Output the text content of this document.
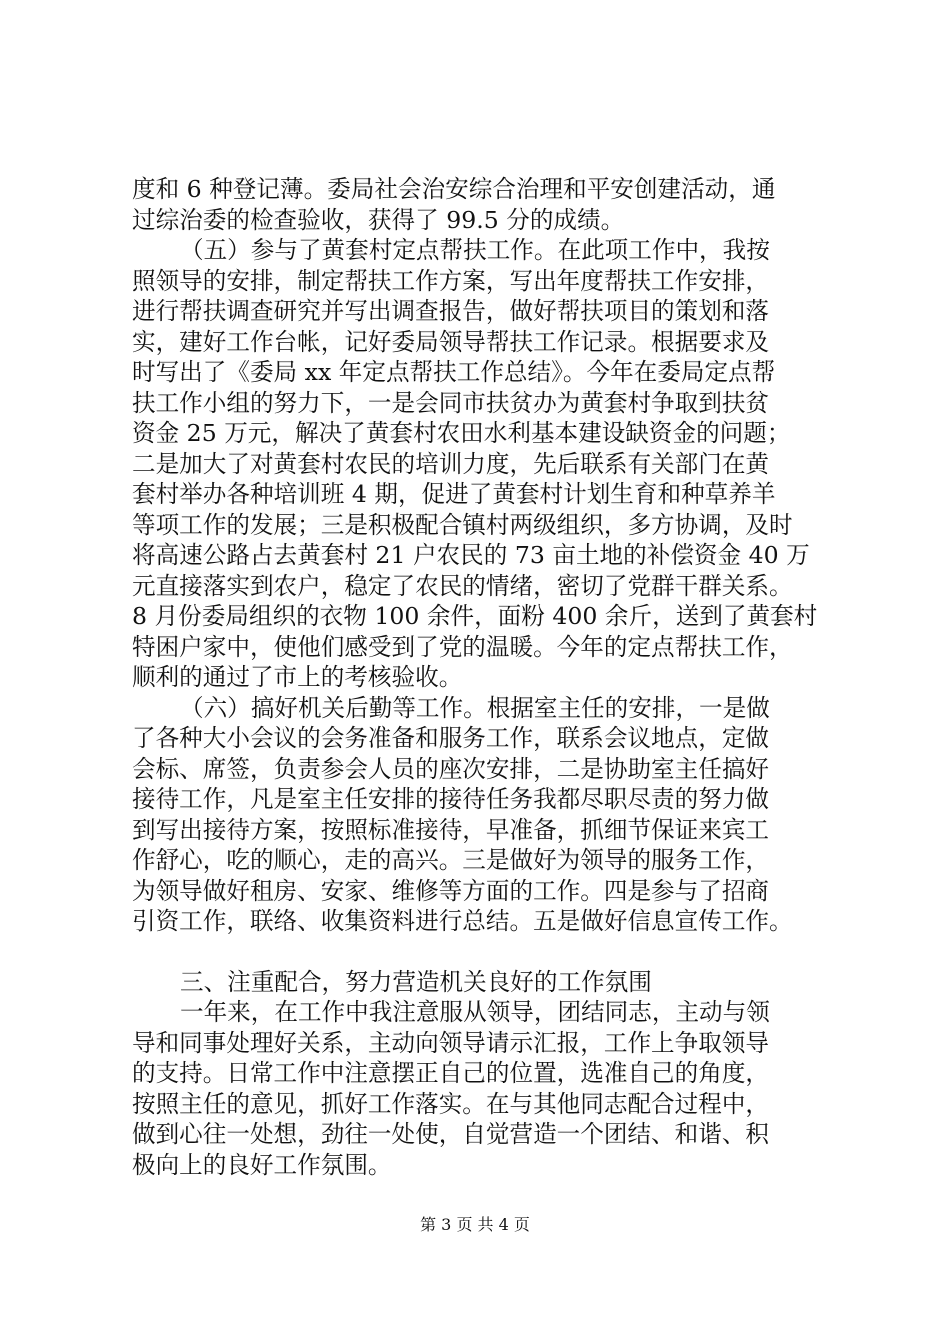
度和 6 种登记薄。委局社会治安综合治理和平安创建活动，通
过综治委的检查验收，获得了 99.5 分的成绩。
（五）参与了黄套村定点帮扶工作。在此项工作中，我按
照领导的安排，制定帮扶工作方案，写出年度帮扶工作安排，
进行帮扶调查研究并写出调查报告，做好帮扶项目的策划和落
实，建好工作台帐，记好委局领导帮扶工作记录。根据要求及
时写出了《委局 xx 年定点帮扶工作总结》。今年在委局定点帮
扶工作小组的努力下，一是会同市扶贫办为黄套村争取到扶贫
资金 25 万元，解决了黄套村农田水利基本建设缺资金的问题；
二是加大了对黄套村农民的培训力度，先后联系有关部门在黄
套村举办各种培训班 4 期，促进了黄套村计划生育和种草养羊
等项工作的发展；三是积极配合镇村两级组织，多方协调，及时
将高速公路占去黄套村 21 户农民的 73 亩土地的补偿资金 40 万
元直接落实到农户，稳定了农民的情绪，密切了党群干群关系。
8 月份委局组织的衣物 100 余件，面粉 400 余斤，送到了黄套村
特困户家中，使他们感受到了党的温暖。今年的定点帮扶工作，
顺利的通过了市上的考核验收。
（六）搞好机关后勤等工作。根据室主任的安排，一是做
了各种大小会议的会务准备和服务工作，联系会议地点，定做
会标、席签，负责参会人员的座次安排，二是协助室主任搞好
接待工作，凡是室主任安排的接待任务我都尽职尽责的努力做
到写出接待方案，按照标准接待，早准备，抓细节保证来宾工
作舒心，吃的顺心，走的高兴。三是做好为领导的服务工作，
为领导做好租房、安家、维修等方面的工作。四是参与了招商
引资工作，联络、收集资料进行总结。五是做好信息宣传工作。
三、注重配合，努力营造机关良好的工作氛围
一年来，在工作中我注意服从领导，团结同志，主动与领
导和同事处理好关系，主动向领导请示汇报，工作上争取领导
的支持。日常工作中注意摆正自己的位置，选准自己的角度，
按照主任的意见，抓好工作落实。在与其他同志配合过程中，
做到心往一处想，劲往一处使，自觉营造一个团结、和谐、积
极向上的良好工作氛围。
第 3 页 共 4 页
